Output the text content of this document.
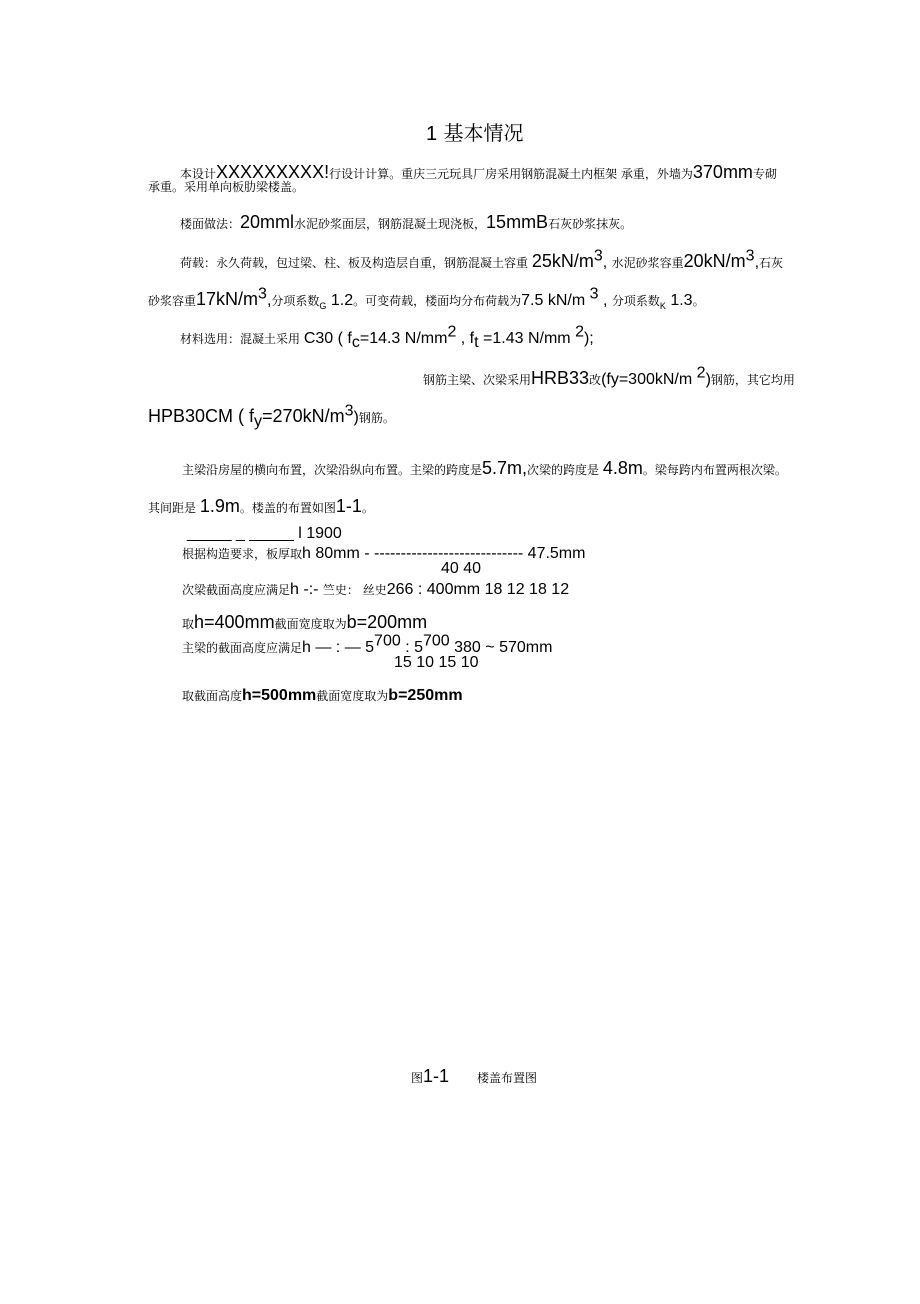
1 基本情况
本设计XXXXXXXXX!行设计计算。重庆三元玩具厂房采用钢筋混凝土内框架 承重，外墙为370mm专砌
承重。采用单向板肋梁楼盖。
楼面做法：20mml水泥砂浆面层，钢筋混凝土现浇板，15mmB石灰砂浆抹灰。
荷载：永久荷载，包过梁、柱、板及构造层自重，钢筋混凝土容重 $25kN/m^3$, 水泥砂浆容重$20kN/m^3$,石灰
砂浆容重$17kN/m^3$,分项系数$_G$ 1.2。可变荷载，楼面均分布荷载为7.5 kN/m $^3$ , 分项系数$_K$ 1.3。
材料选用：混凝土采用 C30 ( $f_c=14.3$ $N/mm^2$ , $f_t =1.43$ N/mm $^2$);
钢筋主梁、次梁采用HRB33改(fy=300kN/m $^2$)钢筋，其它均用
HPB30CM ( $f_y=270kN/m^3$)钢筋。
主梁沿房屋的横向布置，次梁沿纵向布置。主梁的跨度是5.7m,次梁的跨度是 4.8m。梁每跨内布置两根次梁。
其间距是 1.9m。楼盖的布置如图1-1。
_____ _ _____ l 1900
根据构造要求，板厚取h 80mm - ---------------------------- 47.5mm
40 40
次梁截面高度应满足h -:- 竺史： 丝史266 : 400mm 18 12 18 12
取h=400mm截面宽度取为b=200mm
主梁的截面高度应满足h — : — $5^{700}$ : $5^{700}$ 380 ~ 570mm
15 10 15 10
取截面高度h=500mm截面宽度取为b=250mm
图1-1 楼盖布置图
